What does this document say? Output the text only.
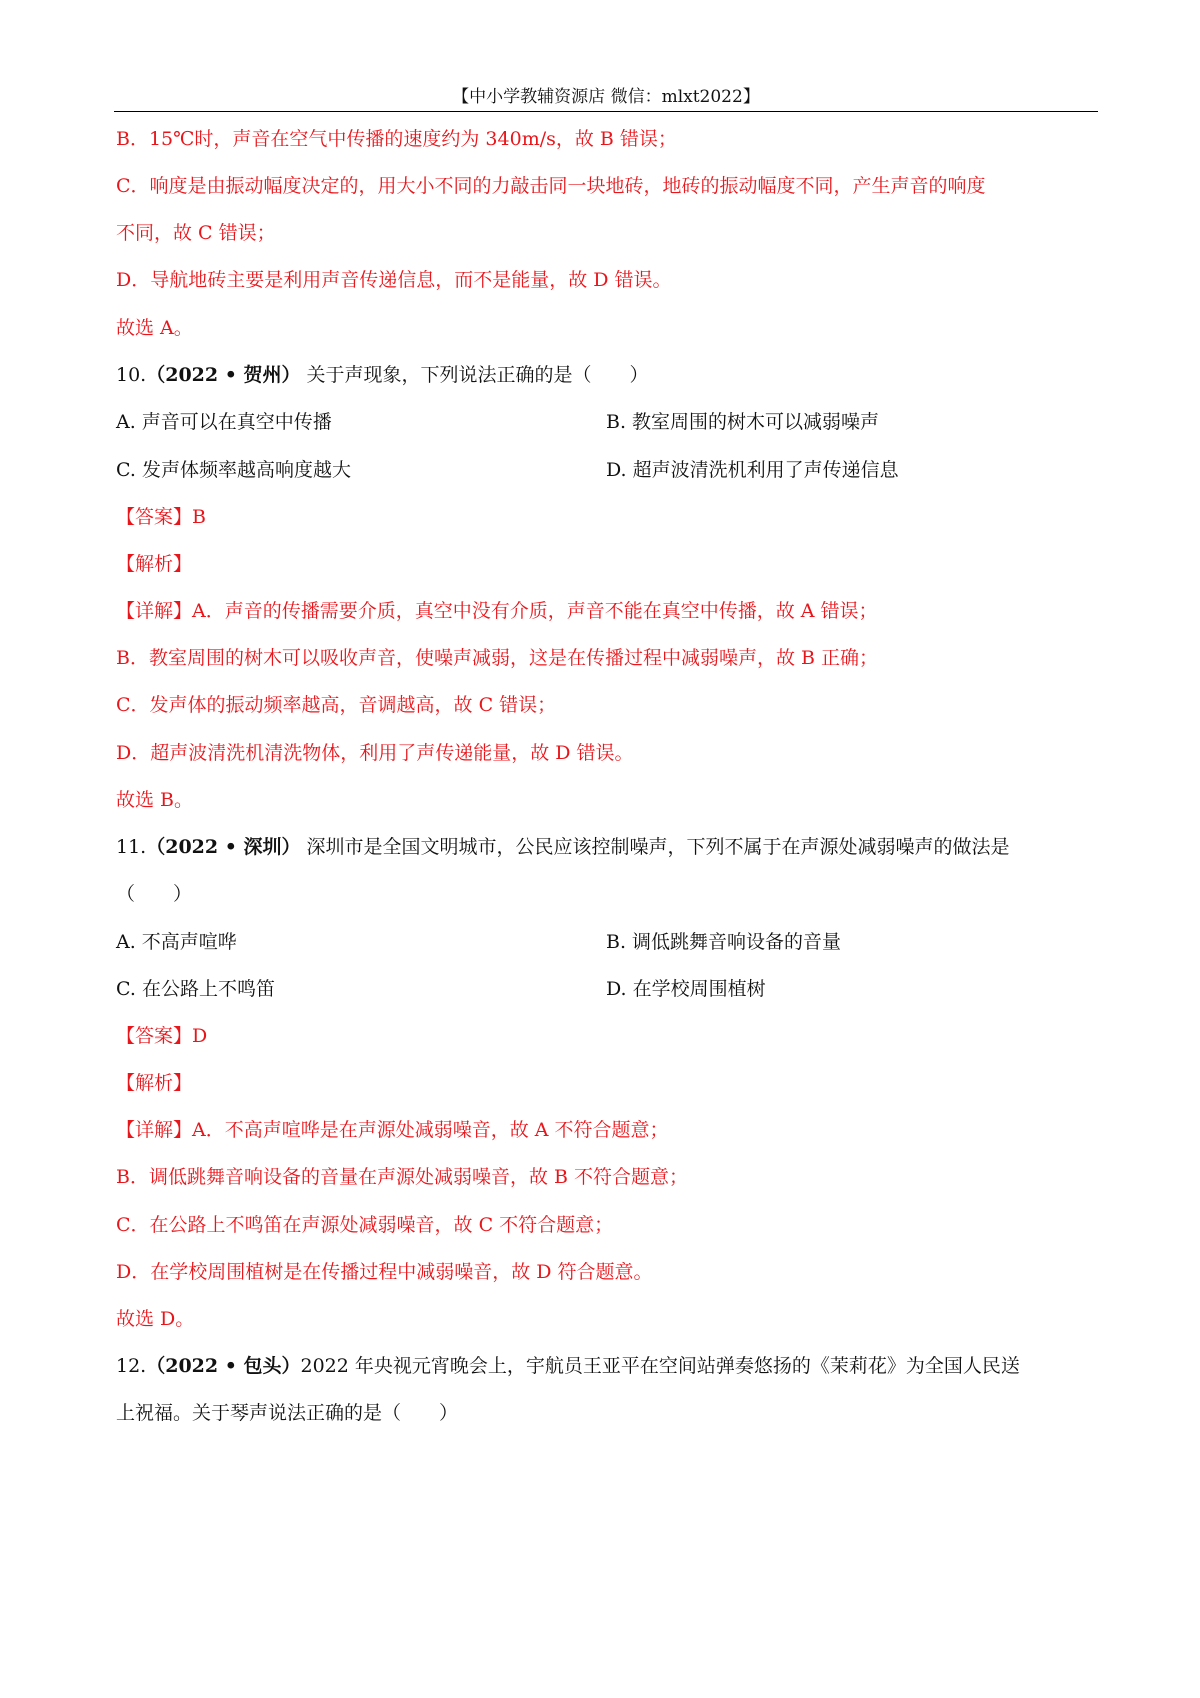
【中小学教辅资源店 微信：mlxt2022】
B．15℃时，声音在空气中传播的速度约为 340m/s，故 B 错误；
C．响度是由振动幅度决定的，用大小不同的力敲击同一块地砖，地砖的振动幅度不同，产生声音的响度
不同，故 C 错误；
D．导航地砖主要是利用声音传递信息，而不是能量，故 D 错误。
故选 A。
10.（2022 • 贺州） 关于声现象，下列说法正确的是（　　）
A. 声音可以在真空中传播	B. 教室周围的树木可以减弱噪声
C. 发声体频率越高响度越大	D. 超声波清洗机利用了声传递信息
【答案】B
【解析】
【详解】A．声音的传播需要介质，真空中没有介质，声音不能在真空中传播，故 A 错误；
B．教室周围的树木可以吸收声音，使噪声减弱，这是在传播过程中减弱噪声，故 B 正确；
C．发声体的振动频率越高，音调越高，故 C 错误；
D．超声波清洗机清洗物体，利用了声传递能量，故 D 错误。
故选 B。
11.（2022 • 深圳） 深圳市是全国文明城市，公民应该控制噪声，下列不属于在声源处减弱噪声的做法是
（　　）
A. 不高声喧哗	B. 调低跳舞音响设备的音量
C. 在公路上不鸣笛	D. 在学校周围植树
【答案】D
【解析】
【详解】A．不高声喧哗是在声源处减弱噪音，故 A 不符合题意；
B．调低跳舞音响设备的音量在声源处减弱噪音，故 B 不符合题意；
C．在公路上不鸣笛在声源处减弱噪音，故 C 不符合题意；
D．在学校周围植树是在传播过程中减弱噪音，故 D 符合题意。
故选 D。
12.（2022 • 包头）2022 年央视元宵晚会上，宇航员王亚平在空间站弹奏悠扬的《茉莉花》为全国人民送
上祝福。关于琴声说法正确的是（　　）
